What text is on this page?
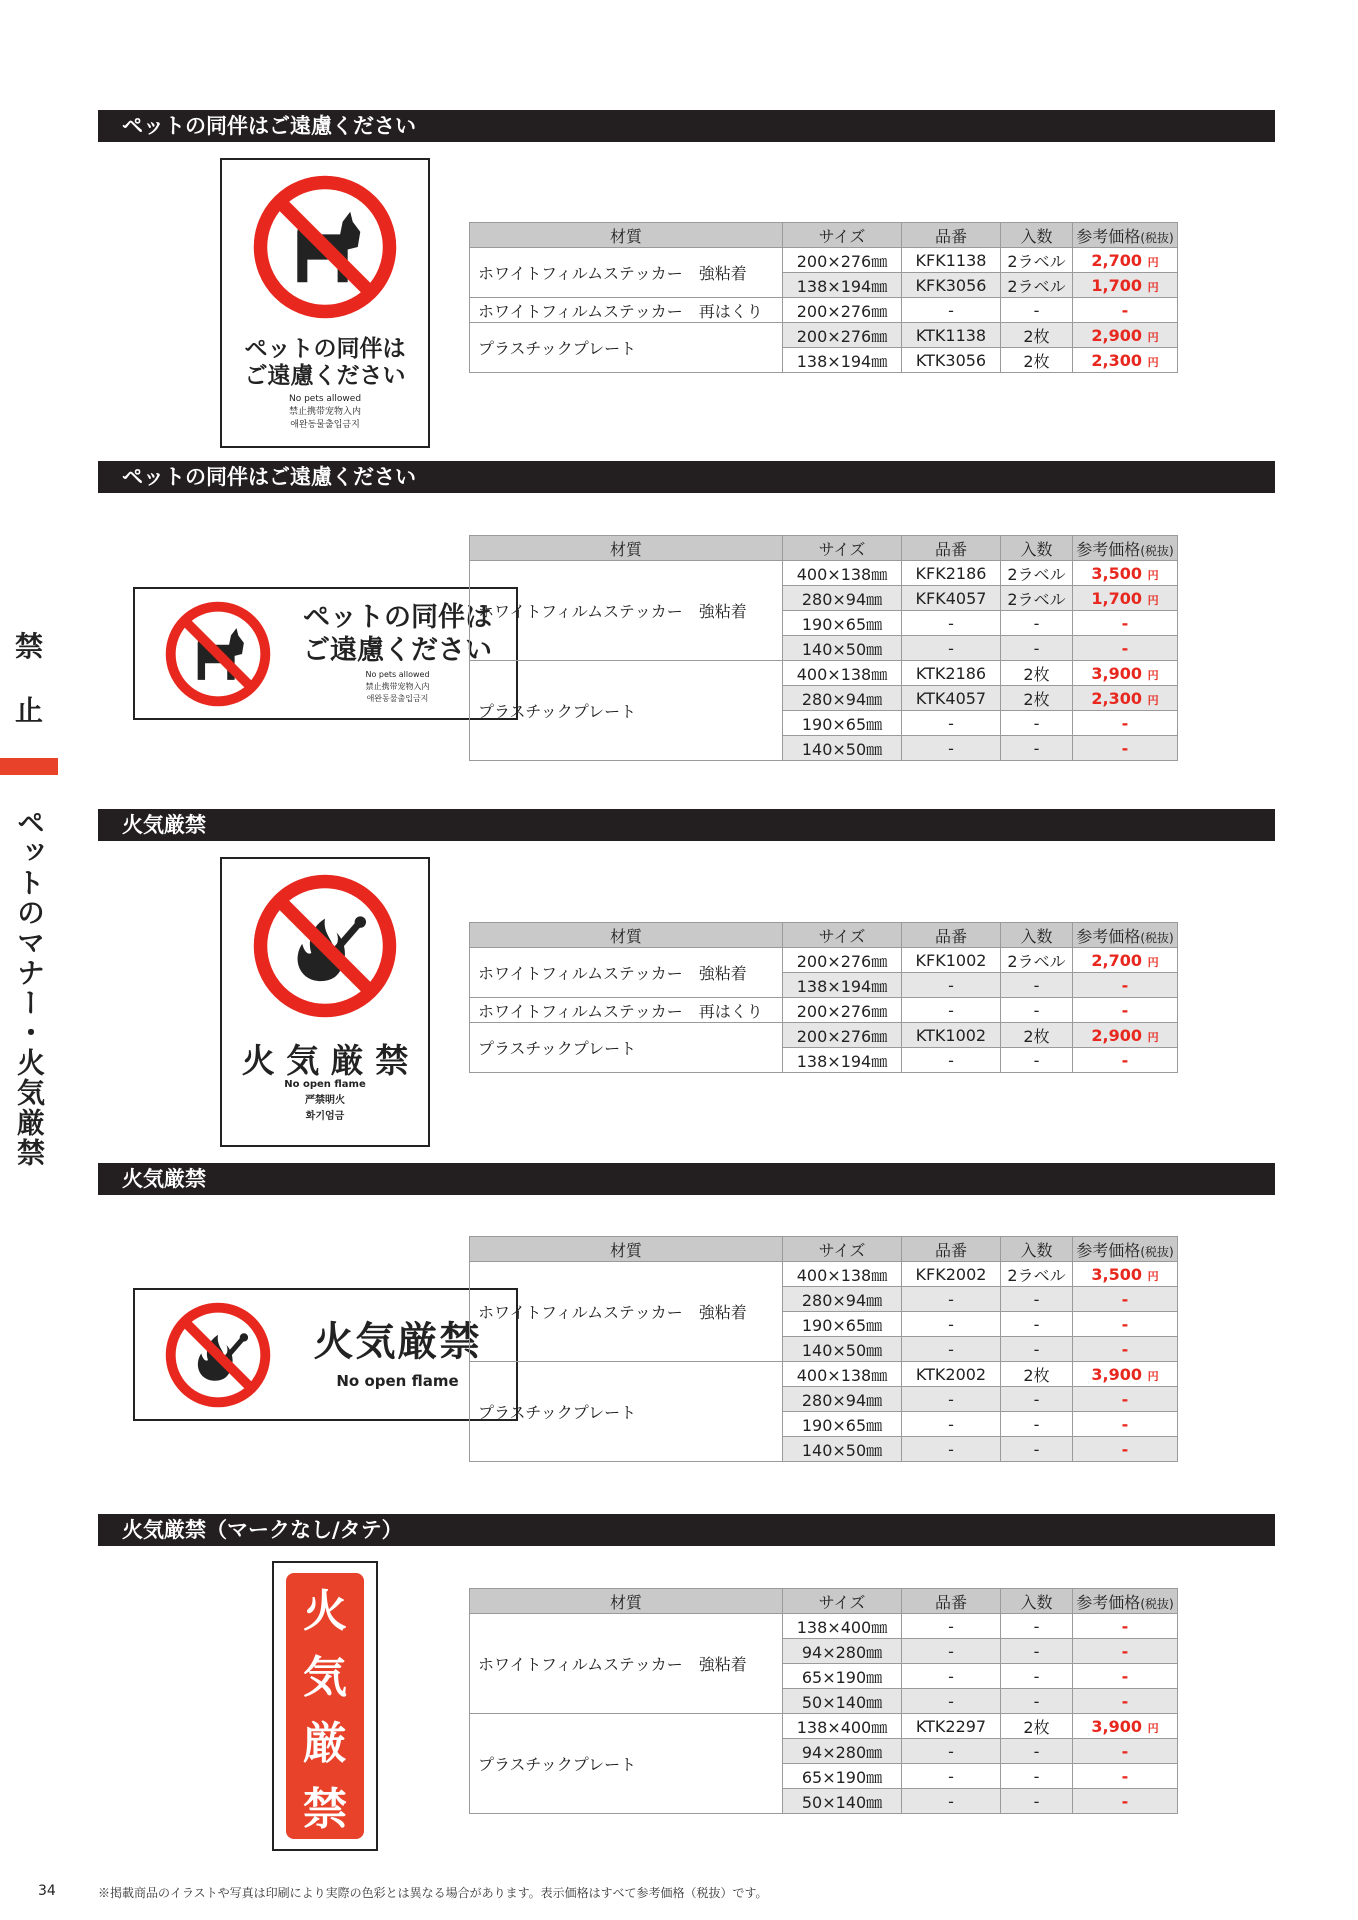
禁
止
ペットのマナー・火気厳禁
ペットの同伴はご遠慮ください
ペットの同伴は
ご遠慮ください
No pets allowed
禁止携带宠物入内
애완동물출입금지
材質	サイズ	品番	入数	参考価格(税抜)
ホワイトフィルムステッカー　強粘着	200×276㎜	KFK1138	2ラベル	2,700 円
	138×194㎜	KFK3056	2ラベル	1,700 円
ホワイトフィルムステッカー　再はくり	200×276㎜	-	-	-
プラスチックプレート	200×276㎜	KTK1138	2枚	2,900 円
	138×194㎜	KTK3056	2枚	2,300 円
ペットの同伴はご遠慮ください
ペットの同伴は
ご遠慮ください
No pets allowed
禁止携带宠物入内
애완동물출입금지
材質	サイズ	品番	入数	参考価格(税抜)
ホワイトフィルムステッカー　強粘着	400×138㎜	KFK2186	2ラベル	3,500 円
	280×94㎜	KFK4057	2ラベル	1,700 円
	190×65㎜	-	-	-
	140×50㎜	-	-	-
プラスチックプレート	400×138㎜	KTK2186	2枚	3,900 円
	280×94㎜	KTK4057	2枚	2,300 円
	190×65㎜	-	-	-
	140×50㎜	-	-	-
火気厳禁
火 気 厳 禁
No open flame
严禁明火
화기엄금
材質	サイズ	品番	入数	参考価格(税抜)
ホワイトフィルムステッカー　強粘着	200×276㎜	KFK1002	2ラベル	2,700 円
	138×194㎜	-	-	-
ホワイトフィルムステッカー　再はくり	200×276㎜	-	-	-
プラスチックプレート	200×276㎜	KTK1002	2枚	2,900 円
	138×194㎜	-	-	-
火気厳禁
火気厳禁
No open flame
材質	サイズ	品番	入数	参考価格(税抜)
ホワイトフィルムステッカー　強粘着	400×138㎜	KFK2002	2ラベル	3,500 円
	280×94㎜	-	-	-
	190×65㎜	-	-	-
	140×50㎜	-	-	-
プラスチックプレート	400×138㎜	KTK2002	2枚	3,900 円
	280×94㎜	-	-	-
	190×65㎜	-	-	-
	140×50㎜	-	-	-
火気厳禁（マークなし/タテ）
火
気
厳
禁
材質	サイズ	品番	入数	参考価格(税抜)
ホワイトフィルムステッカー　強粘着	138×400㎜	-	-	-
	94×280㎜	-	-	-
	65×190㎜	-	-	-
	50×140㎜	-	-	-
プラスチックプレート	138×400㎜	KTK2297	2枚	3,900 円
	94×280㎜	-	-	-
	65×190㎜	-	-	-
	50×140㎜	-	-	-
34	※掲載商品のイラストや写真は印刷により実際の色彩とは異なる場合があります。表示価格はすべて参考価格（税抜）です。
